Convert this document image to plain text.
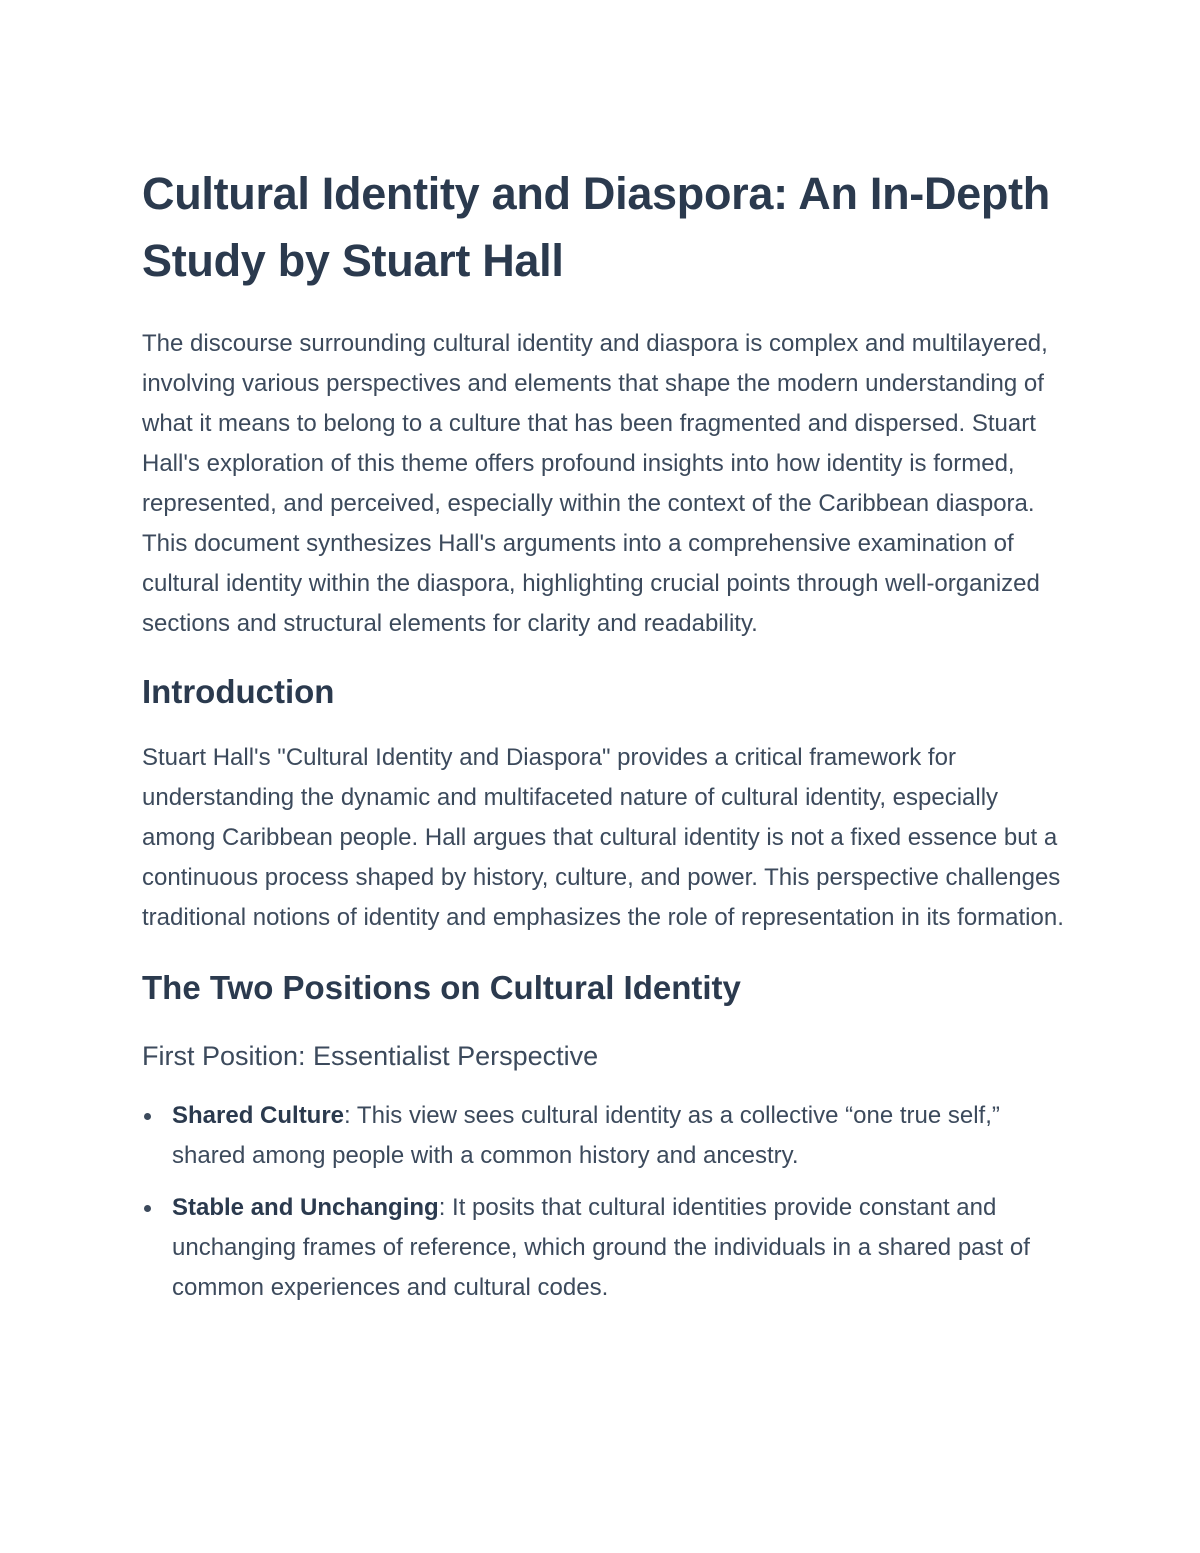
Cultural Identity and Diaspora: An In-Depth Study by Stuart Hall

The discourse surrounding cultural identity and diaspora is complex and multilayered, involving various perspectives and elements that shape the modern understanding of what it means to belong to a culture that has been fragmented and dispersed. Stuart Hall's exploration of this theme offers profound insights into how identity is formed, represented, and perceived, especially within the context of the Caribbean diaspora. This document synthesizes Hall's arguments into a comprehensive examination of cultural identity within the diaspora, highlighting crucial points through well-organized sections and structural elements for clarity and readability.

Introduction

Stuart Hall's "Cultural Identity and Diaspora" provides a critical framework for understanding the dynamic and multifaceted nature of cultural identity, especially among Caribbean people. Hall argues that cultural identity is not a fixed essence but a continuous process shaped by history, culture, and power. This perspective challenges traditional notions of identity and emphasizes the role of representation in its formation.

The Two Positions on Cultural Identity
First Position: Essentialist Perspective
Shared Culture: This view sees cultural identity as a collective “one true self,” shared among people with a common history and ancestry.
Stable and Unchanging: It posits that cultural identities provide constant and unchanging frames of reference, which ground the individuals in a shared past of common experiences and cultural codes.
